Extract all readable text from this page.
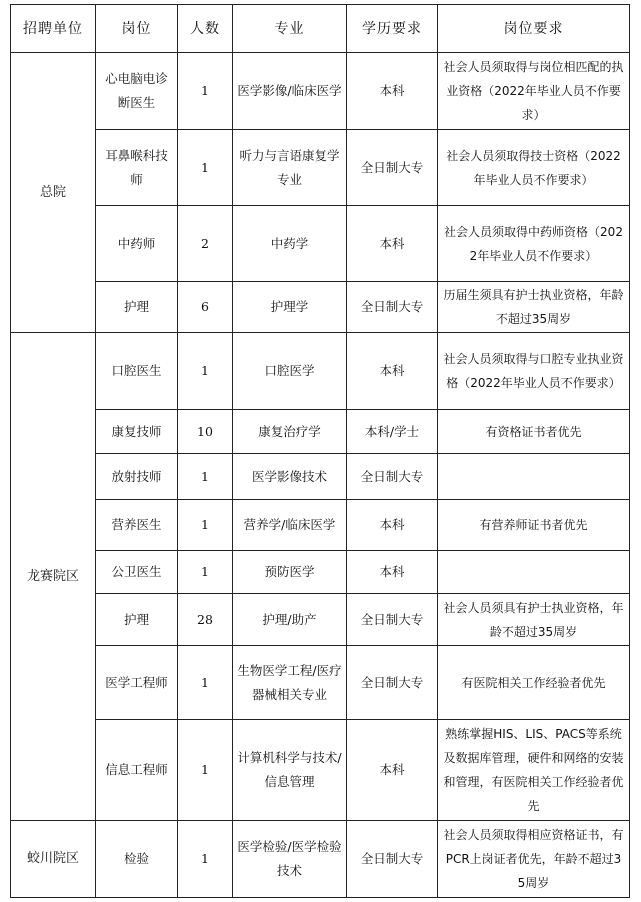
招聘单位	岗位	人数	专业	学历要求	岗位要求
总院	心电脑电诊断医生	1	医学影像/临床医学	本科	社会人员须取得与岗位相匹配的执业资格（2022年毕业人员不作要求）
	耳鼻喉科技师	1	听力与言语康复学专业	全日制大专	社会人员须取得技士资格（2022年毕业人员不作要求）
	中药师	2	中药学	本科	社会人员须取得中药师资格（2022年毕业人员不作要求）
	护理	6	护理学	全日制大专	历届生须具有护士执业资格，年龄不超过35周岁
龙赛院区	口腔医生	1	口腔医学	本科	社会人员须取得与口腔专业执业资格（2022年毕业人员不作要求）
	康复技师	10	康复治疗学	本科/学士	有资格证书者优先
	放射技师	1	医学影像技术	全日制大专	
	营养医生	1	营养学/临床医学	本科	有营养师证书者优先
	公卫医生	1	预防医学	本科	
	护理	28	护理/助产	全日制大专	社会人员须具有护士执业资格，年龄不超过35周岁
	医学工程师	1	生物医学工程/医疗器械相关专业	全日制大专	有医院相关工作经验者优先
	信息工程师	1	计算机科学与技术/信息管理	本科	熟练掌握HIS、LIS、PACS等系统及数据库管理，硬件和网络的安装和管理，有医院相关工作经验者优先
蛟川院区	检验	1	医学检验/医学检验技术	全日制大专	社会人员须取得相应资格证书，有PCR上岗证者优先，年龄不超过35周岁
